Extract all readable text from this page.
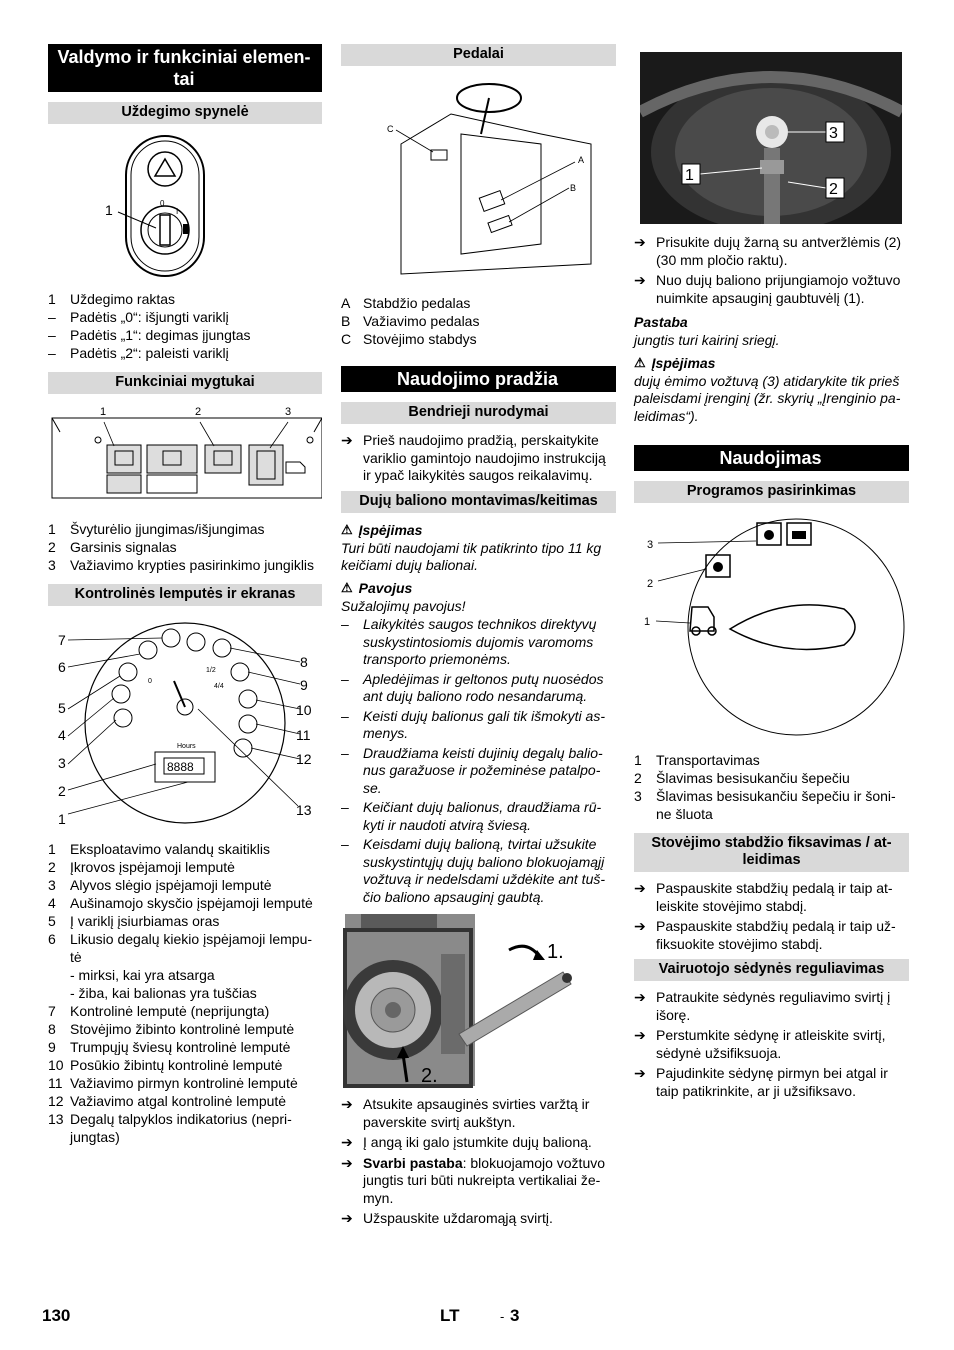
Valdymo ir funkciniai elemen-tai
Uždegimo spynelė
0
I
1
1	Uždegimo raktas
–	Padėtis „0“: išjungti variklį
–	Padėtis „1“: degimas įjungtas
–	Padėtis „2“: paleisti variklį
Funkciniai mygtukai
1	2	3
1	Švyturėlio įjungimas/išjungimas
2	Garsinis signalas
3	Važiavimo krypties pasirinkimo jungiklis
Kontrolinės lemputės ir ekranas
0
1/2
4/4
Hours
8888
7
6
5
4
3
2
1
8
9
10
11
12
13
1	Eksploatavimo valandų skaitiklis
2	Įkrovos įspėjamoji lemputė
3	Alyvos slėgio įspėjamoji lemputė
4	Aušinamojo skysčio įspėjamoji lemputė
5	Į variklį įsiurbiamas oras
6	Likusio degalų kiekio įspėjamoji lempu-tė
- mirksi, kai yra atsarga
- žiba, kai balionas yra tuščias
7	Kontrolinė lemputė (neprijungta)
8	Stovėjimo žibinto kontrolinė lemputė
9	Trumpųjų šviesų kontrolinė lemputė
10 Posūkio žibintų kontrolinė lemputė
11 Važiavimo pirmyn kontrolinė lemputė
12 Važiavimo atgal kontrolinė lemputė
13 Degalų talpyklos indikatorius (nepri-jungtas)
Pedalai
C
A
B
A Stabdžio pedalas
B Važiavimo pedalas
C Stovėjimo stabdys
Naudojimo pradžia
Bendrieji nurodymai
➔ Prieš naudojimo pradžią, perskaitykite variklio gamintojo naudojimo instrukciją ir ypač laikykitės saugos reikalavimų.
Dujų baliono montavimas/keitimas
⚠ Įspėjimas
Turi būti naudojami tik patikrinto tipo 11 kg keičiami dujų balionai.
⚠ Pavojus
Sužalojimų pavojus!
–	Laikykitės saugos technikos direktyvų suskystintosiomis dujomis varomoms transporto priemonėms.
–	Apledėjimas ir geltonos putų nuosėdos ant dujų baliono rodo nesandarumą.
–	Keisti dujų balionus gali tik išmokyti as-menys.
–	Draudžiama keisti dujinių degalų balio-nus garažuose ir požeminėse patalpo-se.
–	Keičiant dujų balionus, draudžiama rū-kyti ir naudoti atvirą šviesą.
–	Keisdami dujų balioną, tvirtai užsukite suskystintųjų dujų baliono blokuojamąjį vožtuvą ir nedelsdami uždėkite ant tuš-čio baliono apsauginį gaubtą.
1.
2.
➔ Atsukite apsauginės svirties varžtą ir paverskite svirtį aukštyn.
➔ Į angą iki galo įstumkite dujų balioną.
➔ Svarbi pastaba: blokuojamojo vožtuvo jungtis turi būti nukreipta vertikaliai že-myn.
➔ Užspauskite uždaromąją svirtį.
1
2
3
➔ Prisukite dujų žarną su antveržlėmis (2) (30 mm pločio raktu).
➔ Nuo dujų baliono prijungiamojo vožtuvo nuimkite apsauginį gaubtuvėlį (1).
Pastaba
jungtis turi kairinį sriegį.
⚠ Įspėjimas
dujų ėmimo vožtuvą (3) atidarykite tik prieš paleisdami įrenginį (žr. skyrių „Įrenginio pa-leidimas“).
Naudojimas
Programos pasirinkimas
3
2
1
1	Transportavimas
2	Šlavimas besisukančiu šepečiu
3	Šlavimas besisukančiu šepečiu ir šoni-ne šluota
Stovėjimo stabdžio fiksavimas / at-leidimas
➔ Paspauskite stabdžių pedalą ir taip at-leiskite stovėjimo stabdį.
➔ Paspauskite stabdžių pedalą ir taip už-fiksuokite stovėjimo stabdį.
Vairuotojo sėdynės reguliavimas
➔ Patraukite sėdynės reguliavimo svirtį į išorę.
➔ Perstumkite sėdynę ir atleiskite svirtį, sėdynė užsifiksuoja.
➔ Pajudinkite sėdynę pirmyn bei atgal ir taip patikrinkite, ar ji užsifiksavo.
130	LT	- 3
